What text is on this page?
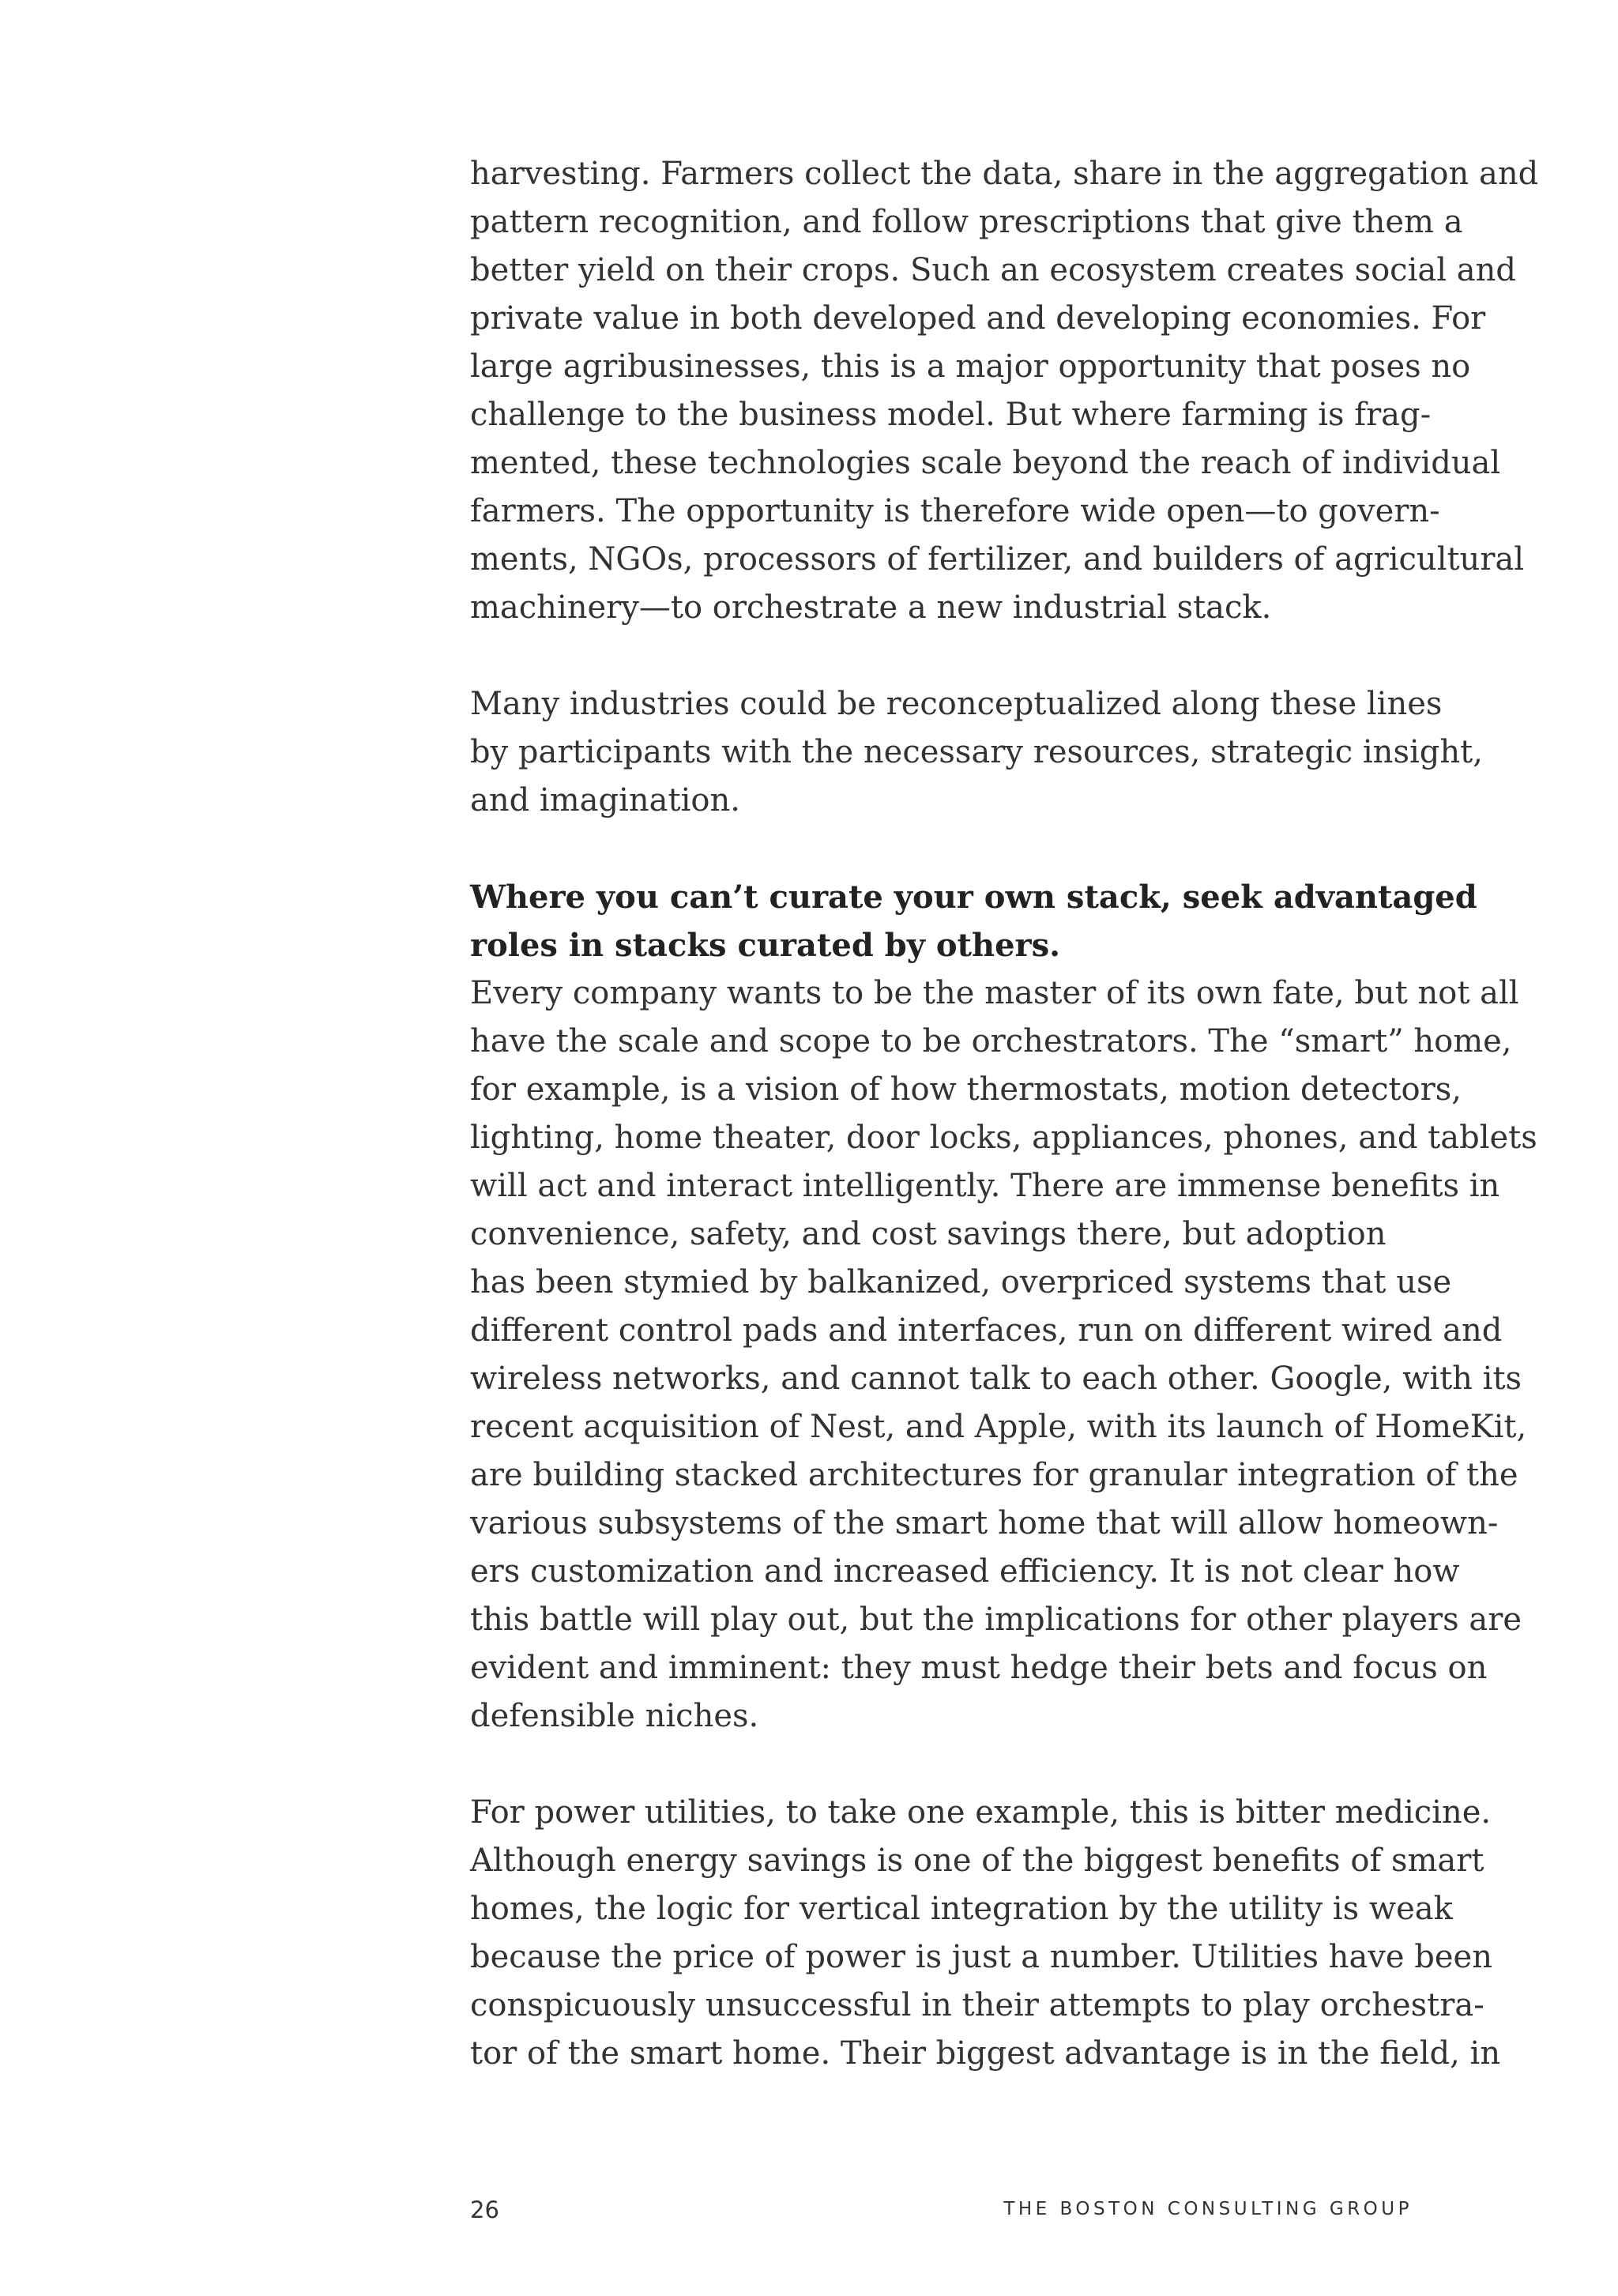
harvesting. Farmers collect the data, share in the aggregation and
pattern recognition, and follow prescriptions that give them a
better yield on their crops. Such an ecosystem creates social and
private value in both developed and developing economies. For
large agribusinesses, this is a major opportunity that poses no
challenge to the business model. But where farming is frag-
mented, these technologies scale beyond the reach of individual
farmers. The opportunity is therefore wide open—to govern-
ments, NGOs, processors of fertilizer, and builders of agricultural
machinery—to orchestrate a new industrial stack.
Many industries could be reconceptualized along these lines
by participants with the necessary resources, strategic insight,
and imagination.
Where you can’t curate your own stack, seek advantaged
roles in stacks curated by others.
Every company wants to be the master of its own fate, but not all
have the scale and scope to be orchestrators. The “smart” home,
for example, is a vision of how thermostats, motion detectors,
lighting, home theater, door locks, appliances, phones, and tablets
will act and interact intelligently. There are immense benefits in
convenience, safety, and cost savings there, but adoption
has been stymied by balkanized, overpriced systems that use
different control pads and interfaces, run on different wired and
wireless networks, and cannot talk to each other. Google, with its
recent acquisition of Nest, and Apple, with its launch of HomeKit,
are building stacked architectures for granular integration of the
various subsystems of the smart home that will allow homeown-
ers customization and increased efficiency. It is not clear how
this battle will play out, but the implications for other players are
evident and imminent: they must hedge their bets and focus on
defensible niches.
For power utilities, to take one example, this is bitter medicine.
Although energy savings is one of the biggest benefits of smart
homes, the logic for vertical integration by the utility is weak
because the price of power is just a number. Utilities have been
conspicuously unsuccessful in their attempts to play orchestra-
tor of the smart home. Their biggest advantage is in the field, in
26	THE BOSTON CONSULTING GROUP
